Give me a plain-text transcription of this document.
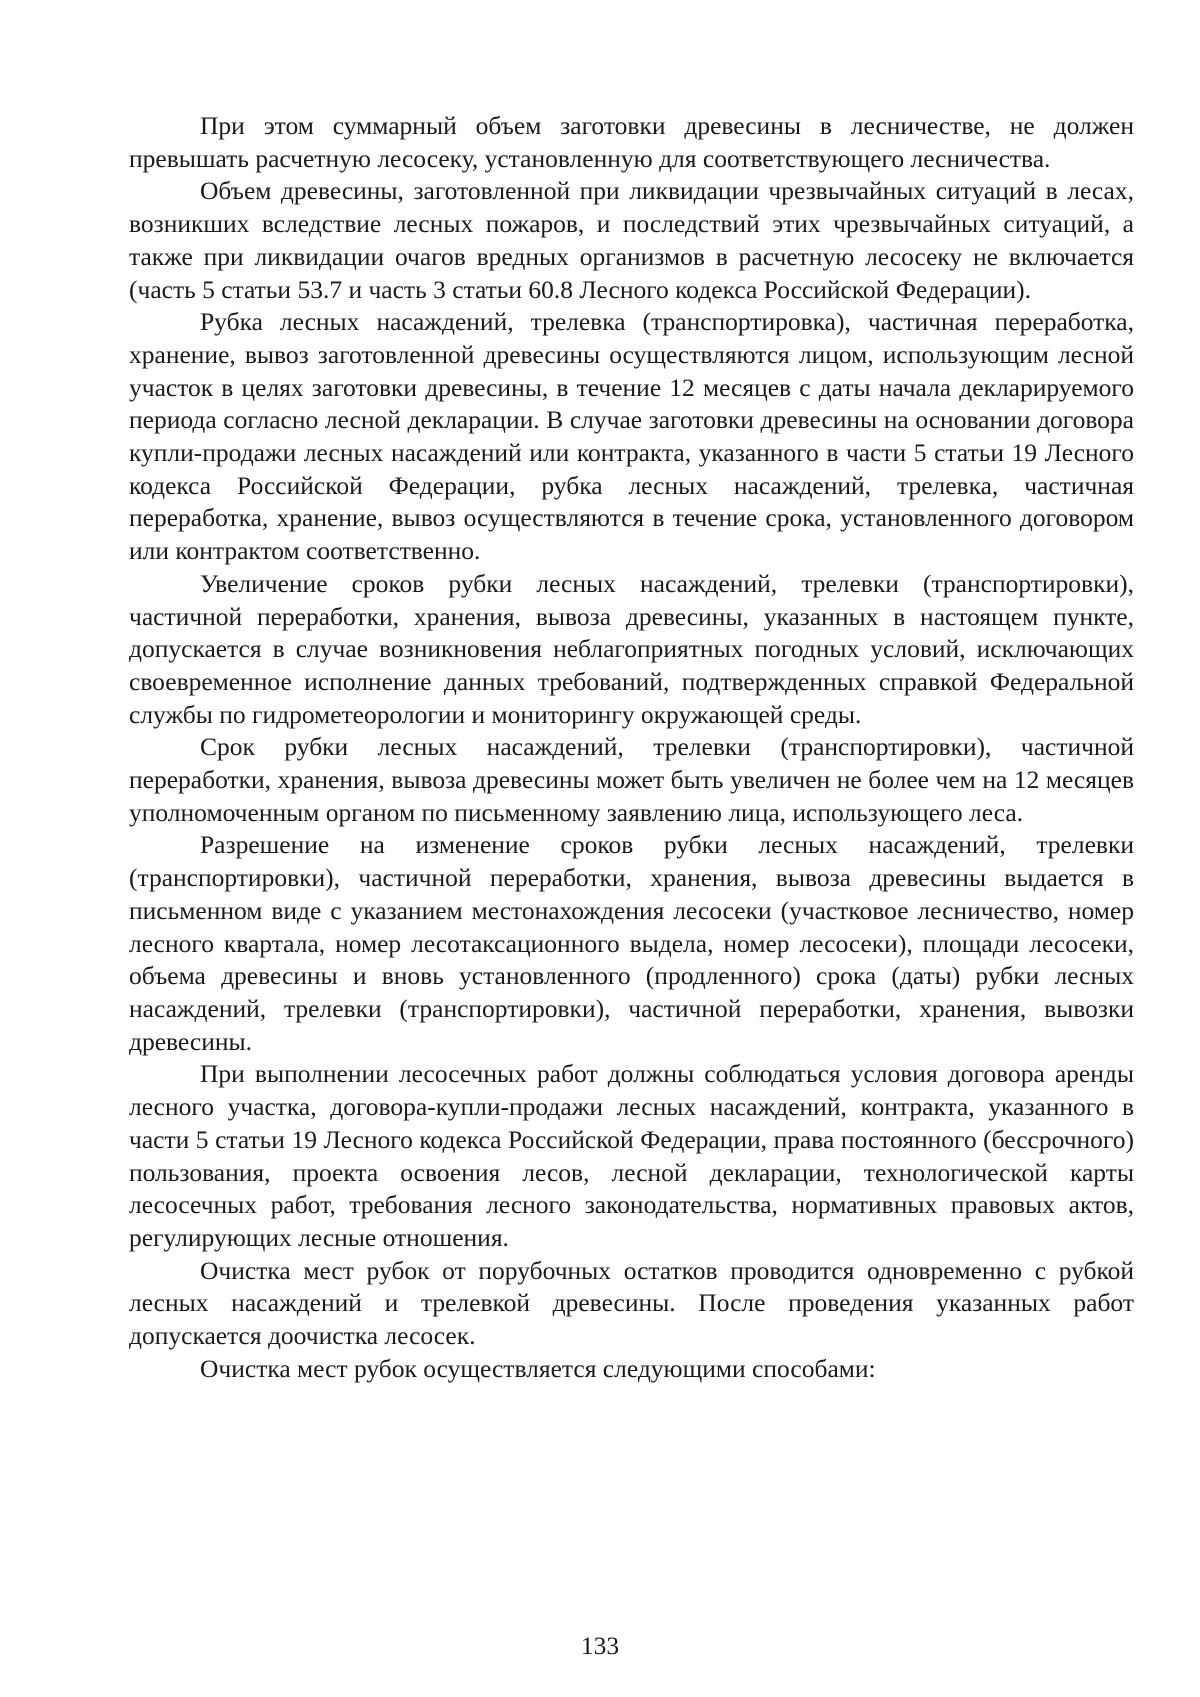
При этом суммарный объем заготовки древесины в лесничестве, не должен превышать расчетную лесосеку, установленную для соответствующего лесничества.

Объем древесины, заготовленной при ликвидации чрезвычайных ситуаций в лесах, возникших вследствие лесных пожаров, и последствий этих чрезвычайных ситуаций, а также при ликвидации очагов вредных организмов в расчетную лесосеку не включается (часть 5 статьи 53.7 и часть 3 статьи 60.8 Лесного кодекса Российской Федерации).

Рубка лесных насаждений, трелевка (транспортировка), частичная переработка, хранение, вывоз заготовленной древесины осуществляются лицом, использующим лесной участок в целях заготовки древесины, в течение 12 месяцев с даты начала декларируемого периода согласно лесной декларации. В случае заготовки древесины на основании договора купли-продажи лесных насаждений или контракта, указанного в части 5 статьи 19 Лесного кодекса Российской Федерации, рубка лесных насаждений, трелевка, частичная переработка, хранение, вывоз осуществляются в течение срока, установленного договором или контрактом соответственно.

Увеличение сроков рубки лесных насаждений, трелевки (транспортировки), частичной переработки, хранения, вывоза древесины, указанных в настоящем пункте, допускается в случае возникновения неблагоприятных погодных условий, исключающих своевременное исполнение данных требований, подтвержденных справкой Федеральной службы по гидрометеорологии и мониторингу окружающей среды.

Срок рубки лесных насаждений, трелевки (транспортировки), частичной переработки, хранения, вывоза древесины может быть увеличен не более чем на 12 месяцев уполномоченным органом по письменному заявлению лица, использующего леса.

Разрешение на изменение сроков рубки лесных насаждений, трелевки (транспортировки), частичной переработки, хранения, вывоза древесины выдается в письменном виде с указанием местонахождения лесосеки (участковое лесничество, номер лесного квартала, номер лесотаксационного выдела, номер лесосеки), площади лесосеки, объема древесины и вновь установленного (продленного) срока (даты) рубки лесных насаждений, трелевки (транспортировки), частичной переработки, хранения, вывозки древесины.

При выполнении лесосечных работ должны соблюдаться условия договора аренды лесного участка, договора-купли-продажи лесных насаждений, контракта, указанного в части 5 статьи 19 Лесного кодекса Российской Федерации, права постоянного (бессрочного) пользования, проекта освоения лесов, лесной декларации, технологической карты лесосечных работ, требования лесного законодательства, нормативных правовых актов, регулирующих лесные отношения.

Очистка мест рубок от порубочных остатков проводится одновременно с рубкой лесных насаждений и трелевкой древесины. После проведения указанных работ допускается доочистка лесосек.

Очистка мест рубок осуществляется следующими способами:

133
